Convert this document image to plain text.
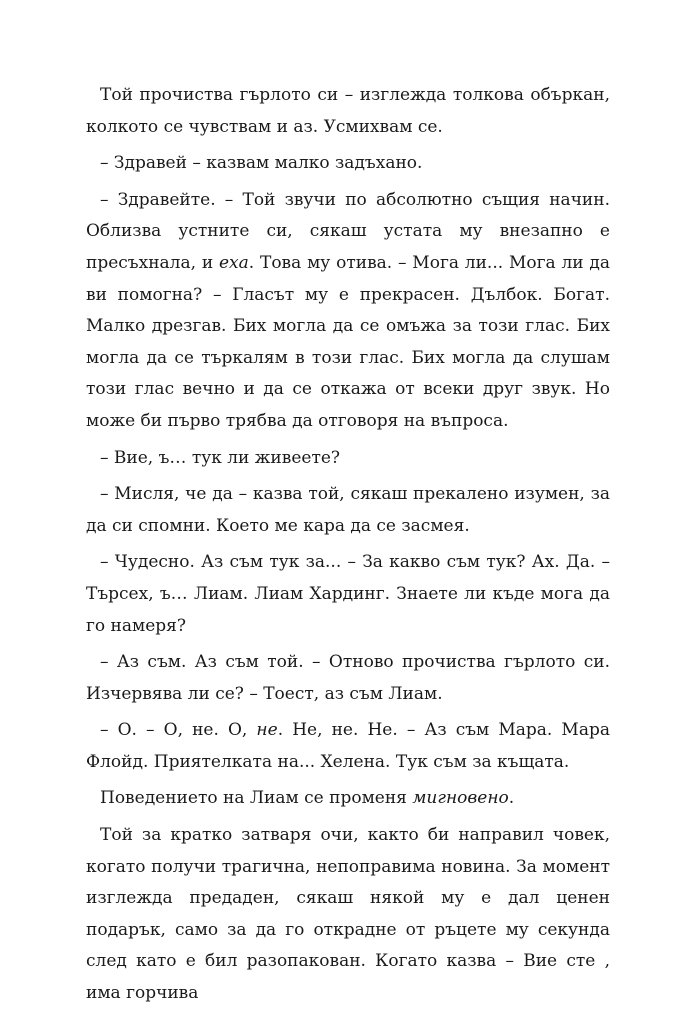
Той прочиства гърлото си – изглежда толкова объркан, колкото се чувствам и аз. Усмихвам се.

– Здравей – казвам малко задъхано.

– Здравейте. – Той звучи по абсолютно същия начин. Облизва устните си, сякаш устата му внезапно е пресъхнала, и еха. Това му отива. – Мога ли... Мога ли да ви помогна? – Гласът му е прекрасен. Дълбок. Богат. Малко дрезгав. Бих могла да се омъжа за този глас. Бих могла да се търкалям в този глас. Бих могла да слушам този глас вечно и да се откажа от всеки друг звук. Но може би първо трябва да отговоря на въпроса.

– Вие, ъ… тук ли живеете?

– Мисля, че да – казва той, сякаш прекалено изумен, за да си спомни. Което ме кара да се засмея.

– Чудесно. Аз съм тук за... – За какво съм тук? Ах. Да. – Търсех, ъ… Лиам. Лиам Хардинг. Знаете ли къде мога да го намеря?

– Аз съм. Аз съм той. – Отново прочиства гърлото си. Изчервява ли се? – Тоест, аз съм Лиам.

– О. – О, не. О, не. Не, не. Не. – Аз съм Мара. Мара Флойд. Приятелката на... Хелена. Тук съм за къщата.

Поведението на Лиам се променя мигновено.

Той за кратко затваря очи, както би направил човек, когато получи трагична, непоправима новина. За момент изглежда предаден, сякаш някой му е дал ценен подарък, само за да го открадне от ръцете му секунда след като е бил разопакован. Когато казва – Вие сте , има горчива
